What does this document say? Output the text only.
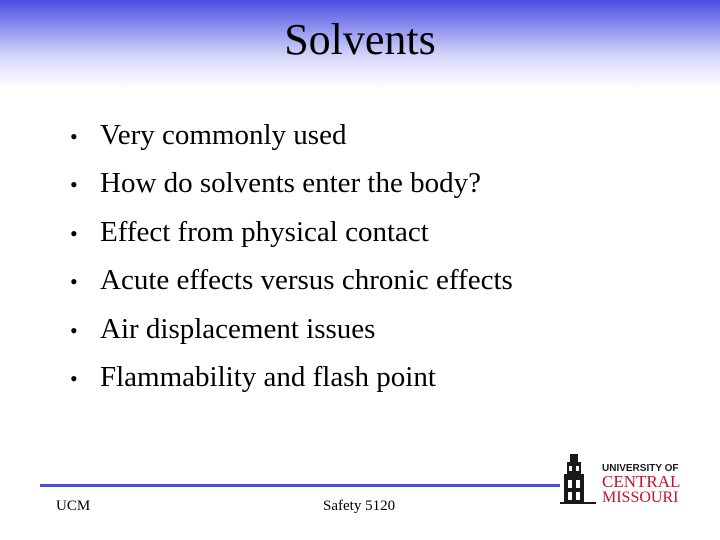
Solvents
• Very commonly used
• How do solvents enter the body?
• Effect from physical contact
• Acute effects versus chronic effects
• Air displacement issues
• Flammability and flash point
UCM	Safety 5120
UNIVERSITY OF
CENTRAL
MISSOURI
